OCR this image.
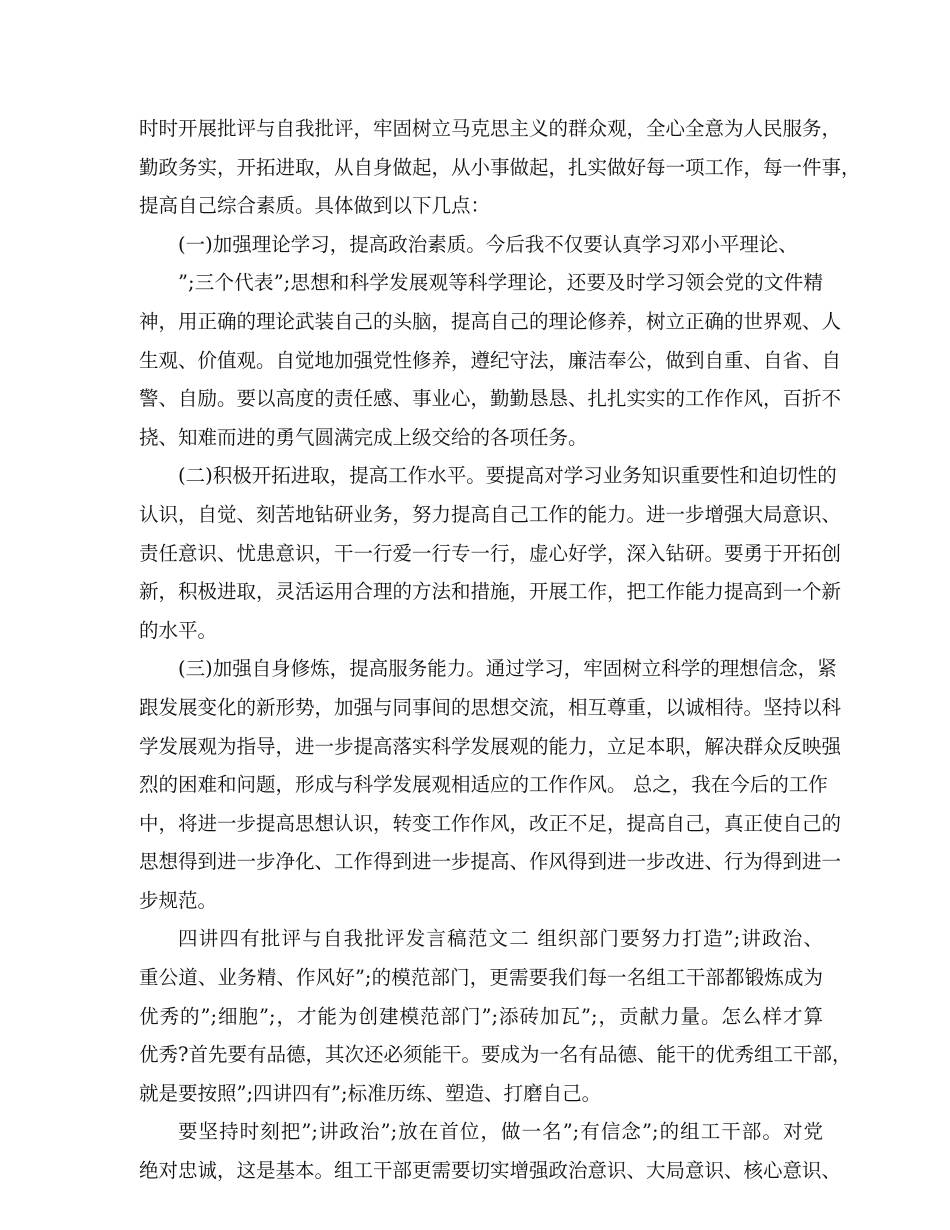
时时开展批评与自我批评，牢固树立马克思主义的群众观，全心全意为人民服务，
勤政务实，开拓进取，从自身做起，从小事做起，扎实做好每一项工作，每一件事，
提高自己综合素质。具体做到以下几点：
(一)加强理论学习，提高政治素质。今后我不仅要认真学习邓小平理论、
”;三个代表”;思想和科学发展观等科学理论，还要及时学习领会党的文件精
神，用正确的理论武装自己的头脑，提高自己的理论修养，树立正确的世界观、人
生观、价值观。自觉地加强党性修养，遵纪守法，廉洁奉公，做到自重、自省、自
警、自励。要以高度的责任感、事业心，勤勤恳恳、扎扎实实的工作作风，百折不
挠、知难而进的勇气圆满完成上级交给的各项任务。
(二)积极开拓进取，提高工作水平。要提高对学习业务知识重要性和迫切性的
认识，自觉、刻苦地钻研业务，努力提高自己工作的能力。进一步增强大局意识、
责任意识、忧患意识，干一行爱一行专一行，虚心好学，深入钻研。要勇于开拓创
新，积极进取，灵活运用合理的方法和措施，开展工作，把工作能力提高到一个新
的水平。
(三)加强自身修炼，提高服务能力。通过学习，牢固树立科学的理想信念，紧
跟发展变化的新形势，加强与同事间的思想交流，相互尊重，以诚相待。坚持以科
学发展观为指导，进一步提高落实科学发展观的能力，立足本职，解决群众反映强
烈的困难和问题，形成与科学发展观相适应的工作作风。 总之，我在今后的工作
中，将进一步提高思想认识，转变工作作风，改正不足，提高自己，真正使自己的
思想得到进一步净化、工作得到进一步提高、作风得到进一步改进、行为得到进一
步规范。
四讲四有批评与自我批评发言稿范文二 组织部门要努力打造”;讲政治、
重公道、业务精、作风好”;的模范部门，更需要我们每一名组工干部都锻炼成为
优秀的”;细胞”;，才能为创建模范部门”;添砖加瓦”;，贡献力量。怎么样才算
优秀?首先要有品德，其次还必须能干。要成为一名有品德、能干的优秀组工干部，
就是要按照”;四讲四有”;标准历练、塑造、打磨自己。
要坚持时刻把”;讲政治”;放在首位，做一名”;有信念”;的组工干部。对党
绝对忠诚，这是基本。组工干部更需要切实增强政治意识、大局意识、核心意识、
